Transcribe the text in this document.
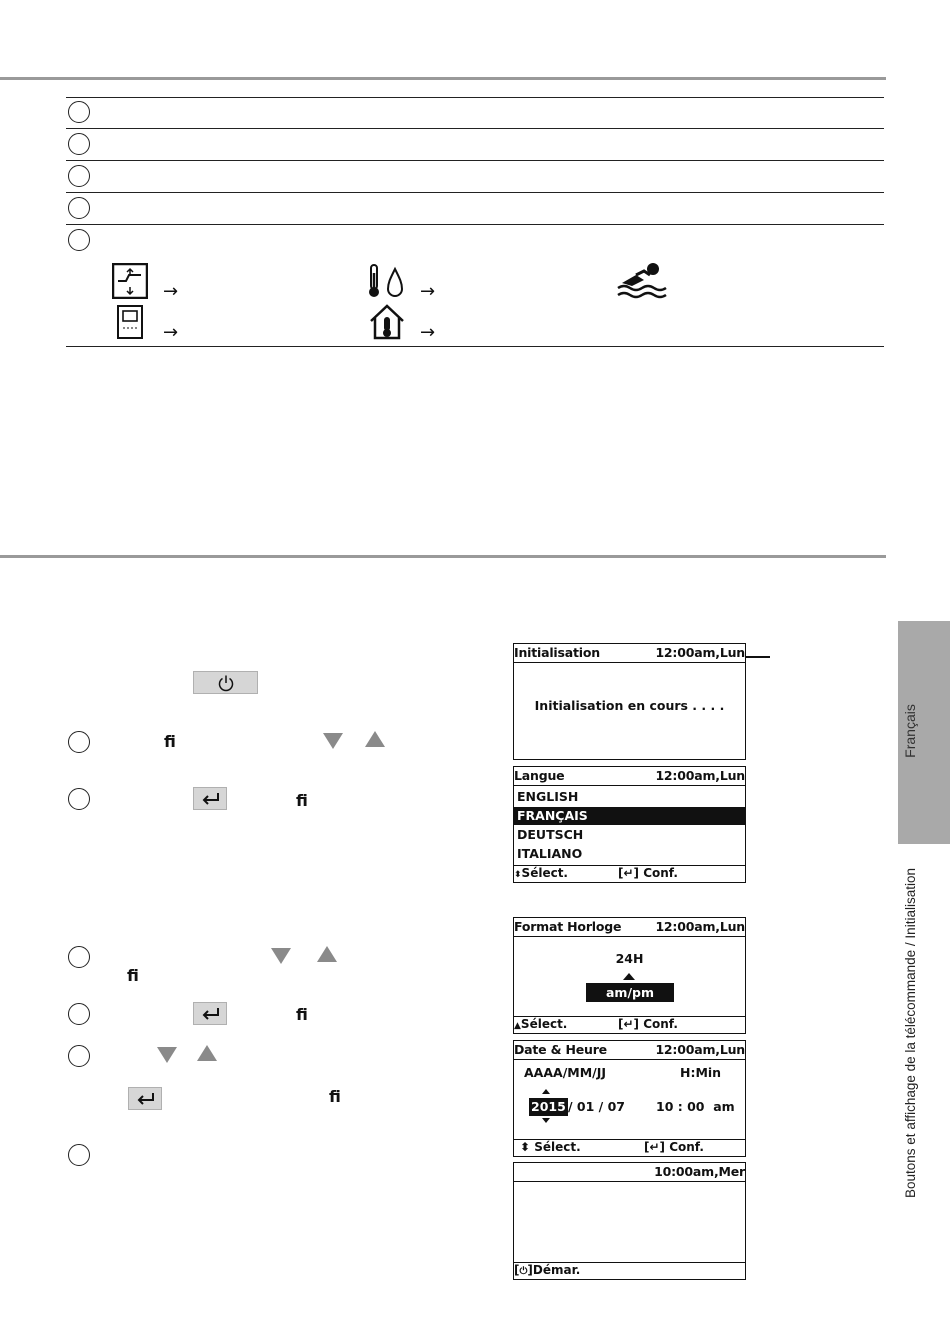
→	→
→	→
fi
fi
fi
fi
fi
Initialisation	12:00am,Lun
Initialisation en cours . . . .
Langue	12:00am,Lun
ENGLISH
FRANÇAIS
DEUTSCH
ITALIANO
⬍Sélect.	[↵] Conf.
Format Horloge	12:00am,Lun
24H
am/pm
▲Sélect.	[↵] Conf.
Date & Heure	12:00am,Lun
AAAA/MM/JJ	H:Min
2015 / 01 / 07 10 : 00  am
⬍ Sélect.	[↵] Conf.
10:00am,Mer
[⏻]Démar.
Français
Boutons et affichage de la télécommande / Initialisation
